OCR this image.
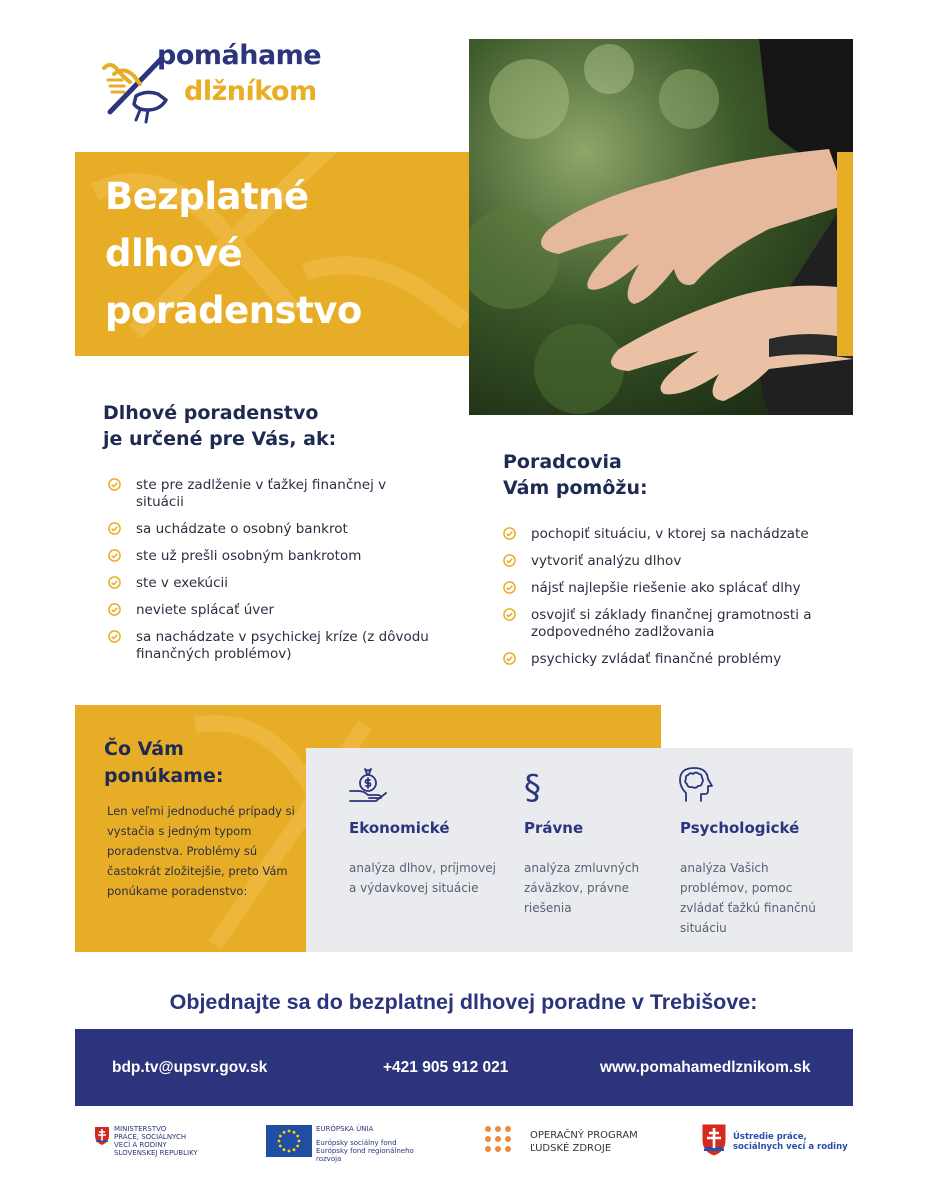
pomáhame
dlžníkom
Bezplatné
dlhové
poradenstvo
Dlhové poradenstvo
je určené pre Vás, ak:
ste pre zadlženie v ťažkej finančnej v situácii
sa uchádzate o osobný bankrot
ste už prešli osobným bankrotom
ste v exekúcii
neviete splácať úver
sa nachádzate v psychickej kríze (z dôvodu finančných problémov)
Poradcovia
Vám pomôžu:
pochopiť situáciu, v ktorej sa nachádzate
vytvoriť analýzu dlhov
nájsť najlepšie riešenie ako splácať dlhy
osvojiť si základy finančnej gramotnosti a zodpovedného zadlžovania
psychicky zvládať finančné problémy
Čo Vám
ponúkame:
Len veľmi jednoduché prípady si vystačia s jedným typom poradenstva. Problémy sú častokrát zložitejšie, preto Vám ponúkame poradenstvo:
Ekonomické
analýza dlhov, príjmovej a výdavkovej situácie
§
Právne
analýza zmluvných záväzkov, právne riešenia
Psychologické
analýza Vašich problémov, pomoc zvládať ťažkú finančnú situáciu
Objednajte sa do bezplatnej dlhovej poradne v Trebišove:
bdp.tv@upsvr.gov.sk	+421 905 912 021	www.pomahamedlznikom.sk
MINISTERSTVO
PRÁCE, SOCIÁLNYCH
VECÍ A RODINY
SLOVENSKEJ REPUBLIKY
EURÓPSKA ÚNIA
Európsky sociálny fond
Európsky fond regionálneho rozvoja
OPERAČNÝ PROGRAM
ĽUDSKÉ ZDROJE
Ústredie práce,
sociálnych vecí a rodiny
